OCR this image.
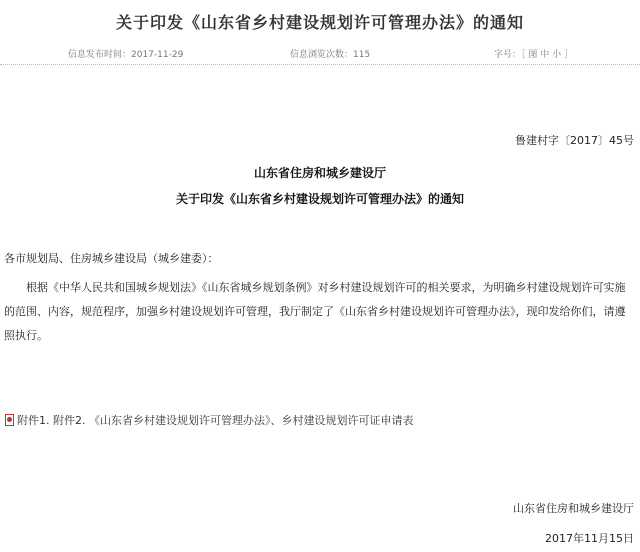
关于印发《山东省乡村建设规划许可管理办法》的通知
信息发布时间：2017-11-29	信息浏览次数：115	字号：［ 图 中 小 ］
鲁建村字〔2017〕45号
山东省住房和城乡建设厅
关于印发《山东省乡村建设规划许可管理办法》的通知
各市规划局、住房城乡建设局（城乡建委）：
根据《中华人民共和国城乡规划法》《山东省城乡规划条例》对乡村建设规划许可的相关要求，为明确乡村建设规划许可实施的范围、内容，规范程序，加强乡村建设规划许可管理，我厅制定了《山东省乡村建设规划许可管理办法》，现印发给你们，请遵照执行。
附件1. 附件2. 《山东省乡村建设规划许可管理办法》、乡村建设规划许可证申请表
山东省住房和城乡建设厅
2017年11月15日
